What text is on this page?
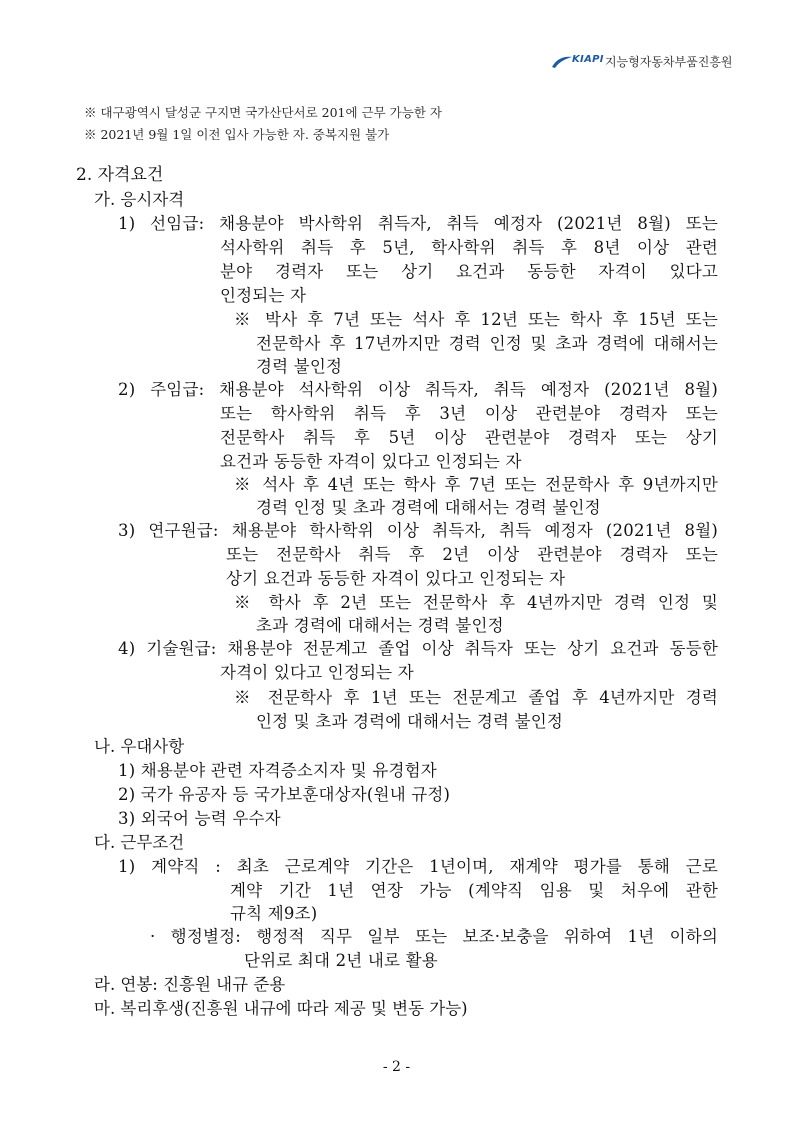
KIAPI 지능형자동차부품진흥원
※ 대구광역시 달성군 구지면 국가산단서로 201에 근무 가능한 자
※ 2021년 9월 1일 이전 입사 가능한 자. 중복지원 불가
2. 자격요건
가. 응시자격
1) 선임급: 채용분야 박사학위 취득자, 취득 예정자 (2021년 8월) 또는
석사학위 취득 후 5년, 학사학위 취득 후 8년 이상 관련
분야 경력자 또는 상기 요건과 동등한 자격이 있다고
인정되는 자
※ 박사 후 7년 또는 석사 후 12년 또는 학사 후 15년 또는
전문학사 후 17년까지만 경력 인정 및 초과 경력에 대해서는
경력 불인정
2) 주임급: 채용분야 석사학위 이상 취득자, 취득 예정자 (2021년 8월)
또는 학사학위 취득 후 3년 이상 관련분야 경력자 또는
전문학사 취득 후 5년 이상 관련분야 경력자 또는 상기
요건과 동등한 자격이 있다고 인정되는 자
※ 석사 후 4년 또는 학사 후 7년 또는 전문학사 후 9년까지만
경력 인정 및 초과 경력에 대해서는 경력 불인정
3) 연구원급: 채용분야 학사학위 이상 취득자, 취득 예정자 (2021년 8월)
또는 전문학사 취득 후 2년 이상 관련분야 경력자 또는
상기 요건과 동등한 자격이 있다고 인정되는 자
※ 학사 후 2년 또는 전문학사 후 4년까지만 경력 인정 및
초과 경력에 대해서는 경력 불인정
4) 기술원급: 채용분야 전문계고 졸업 이상 취득자 또는 상기 요건과 동등한
자격이 있다고 인정되는 자
※ 전문학사 후 1년 또는 전문계고 졸업 후 4년까지만 경력
인정 및 초과 경력에 대해서는 경력 불인정
나. 우대사항
1) 채용분야 관련 자격증소지자 및 유경험자
2) 국가 유공자 등 국가보훈대상자(원내 규정)
3) 외국어 능력 우수자
다. 근무조건
1) 계약직 : 최초 근로계약 기간은 1년이며, 재계약 평가를 통해 근로
계약 기간 1년 연장 가능 (계약직 임용 및 처우에 관한
규칙 제9조)
· 행정별정: 행정적 직무 일부 또는 보조·보충을 위하여 1년 이하의
단위로 최대 2년 내로 활용
라. 연봉: 진흥원 내규 준용
마. 복리후생(진흥원 내규에 따라 제공 및 변동 가능)
- 2 -
